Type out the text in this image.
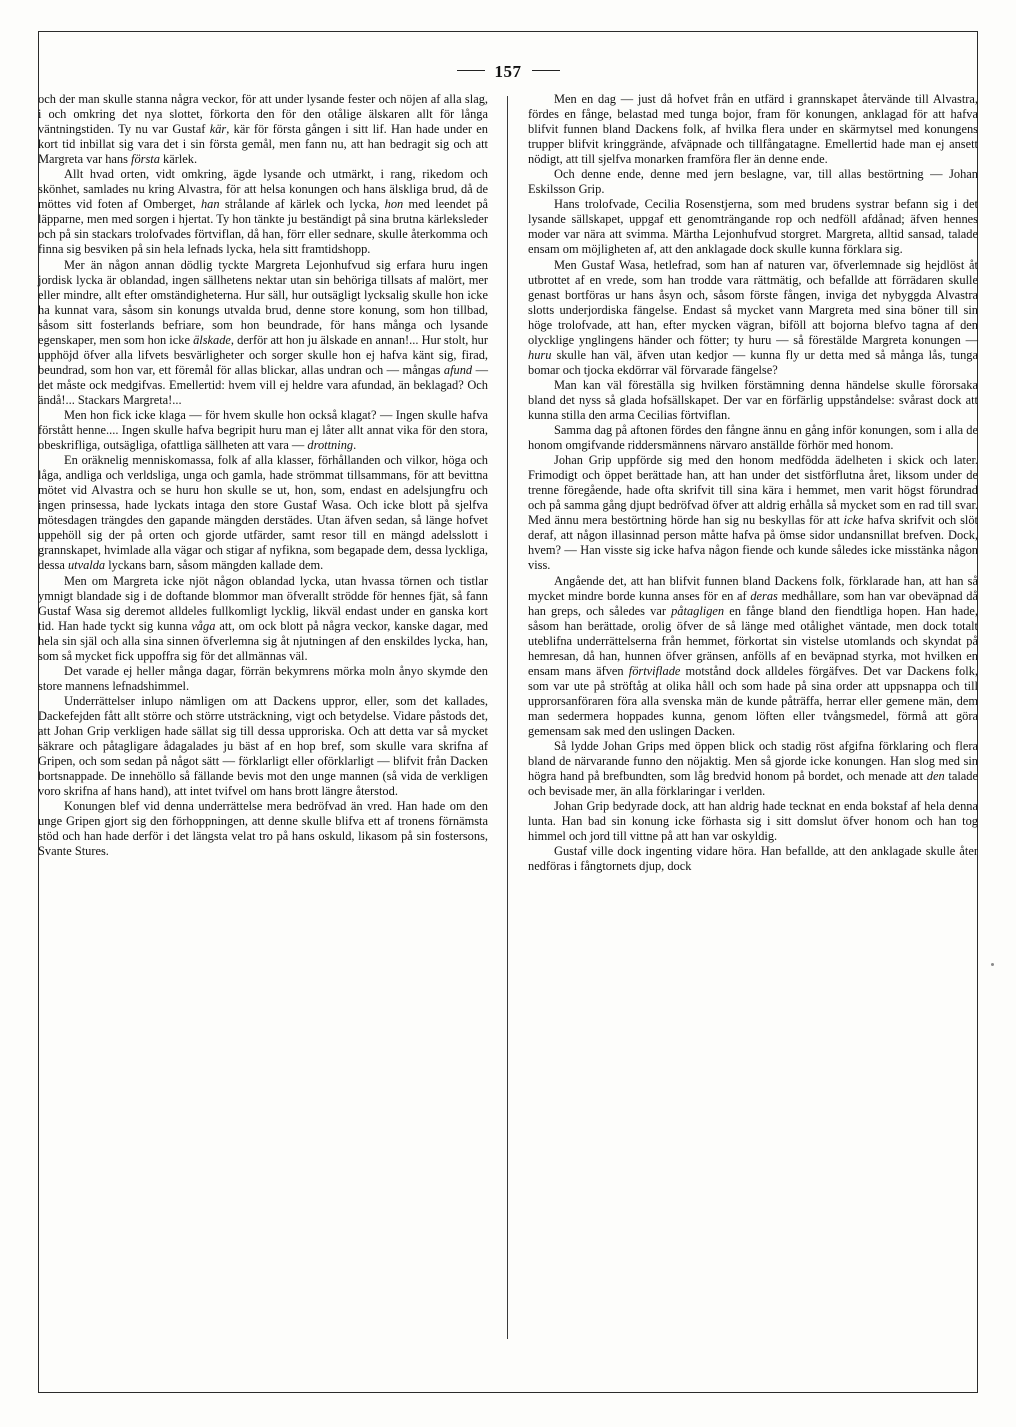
157

och der man skulle stanna några veckor, för att under lysande fester och nöjen af alla slag, i och omkring det nya slottet, förkorta den för den otålige älskaren allt för långa väntningstiden. Ty nu var Gustaf kär, kär för första gången i sitt lif. Han hade under en kort tid inbillat sig vara det i sin första gemål, men fann nu, att han bedragit sig och att Margreta var hans första kärlek.

Allt hvad orten, vidt omkring, ägde lysande och utmärkt, i rang, rikedom och skönhet, samlades nu kring Alvastra, för att helsa konungen och hans älskliga brud, då de möttes vid foten af Omberget, han strålande af kärlek och lycka, hon med leendet på läpparne, men med sorgen i hjertat. Ty hon tänkte ju beständigt på sina brutna kärleksleder och på sin stackars trolofvades förtviflan, då han, förr eller sednare, skulle återkomma och finna sig besviken på sin hela lefnads lycka, hela sitt framtidshopp.

Mer än någon annan dödlig tyckte Margreta Lejonhufvud sig erfara huru ingen jordisk lycka är oblandad, ingen sällhetens nektar utan sin behöriga tillsats af malört, mer eller mindre, allt efter omständigheterna. Hur säll, hur outsägligt lycksalig skulle hon icke ha kunnat vara, såsom sin konungs utvalda brud, denne store konung, som hon tillbad, såsom sitt fosterlands befriare, som hon beundrade, för hans många och lysande egenskaper, men som hon icke älskade, derför att hon ju älskade en annan!... Hur stolt, hur upphöjd öfver alla lifvets besvärligheter och sorger skulle hon ej hafva känt sig, firad, beundrad, som hon var, ett föremål för allas blickar, allas undran och — mångas afund — det måste ock medgifvas. Emellertid: hvem vill ej heldre vara afundad, än beklagad? Och ändå!... Stackars Margreta!...

Men hon fick icke klaga — för hvem skulle hon också klagat? — Ingen skulle hafva förstått henne.... Ingen skulle hafva begripit huru man ej låter allt annat vika för den stora, obeskrifliga, outsägliga, ofattliga sällheten att vara — drottning.

En oräknelig menniskomassa, folk af alla klasser, förhållanden och vilkor, höga och låga, andliga och verldsliga, unga och gamla, hade strömmat tillsammans, för att bevittna mötet vid Alvastra och se huru hon skulle se ut, hon, som, endast en adelsjungfru och ingen prinsessa, hade lyckats intaga den store Gustaf Wasa. Och icke blott på sjelfva mötesdagen trängdes den gapande mängden derstädes. Utan äfven sedan, så länge hofvet uppehöll sig der på orten och gjorde utfärder, samt resor till en mängd adelsslott i grannskapet, hvimlade alla vägar och stigar af nyfikna, som begapade dem, dessa lyckliga, dessa utvalda lyckans barn, såsom mängden kallade dem.

Men om Margreta icke njöt någon oblandad lycka, utan hvassa törnen och tistlar ymnigt blandade sig i de doftande blommor man öfverallt strödde för hennes fjät, så fann Gustaf Wasa sig deremot alldeles fullkomligt lycklig, likväl endast under en ganska kort tid. Han hade tyckt sig kunna våga att, om ock blott på några veckor, kanske dagar, med hela sin själ och alla sina sinnen öfverlemna sig åt njutningen af den enskildes lycka, han, som så mycket fick uppoffra sig för det allmännas väl.

Det varade ej heller många dagar, förrän bekymrens mörka moln ånyo skymde den store mannens lefnadshimmel.

Underrättelser inlupo nämligen om att Dackens uppror, eller, som det kallades, Dackefejden fått allt större och större utsträckning, vigt och betydelse. Vidare påstods det, att Johan Grip verkligen hade sällat sig till dessa upproriska. Och att detta var så mycket säkrare och påtagligare ådagalades ju bäst af en hop bref, som skulle vara skrifna af Gripen, och som sedan på något sätt — förklarligt eller oförklarligt — blifvit från Dacken bortsnappade. De innehöllo så fällande bevis mot den unge mannen (så vida de verkligen voro skrifna af hans hand), att intet tvifvel om hans brott längre återstod.

Konungen blef vid denna underrättelse mera bedröfvad än vred. Han hade om den unge Gripen gjort sig den förhoppningen, att denne skulle blifva ett af tronens förnämsta stöd och han hade derför i det längsta velat tro på hans oskuld, likasom på sin fostersons, Svante Stures.

Men en dag — just då hofvet från en utfärd i grannskapet återvände till Alvastra, fördes en fånge, belastad med tunga bojor, fram för konungen, anklagad för att hafva blifvit funnen bland Dackens folk, af hvilka flera under en skärmytsel med konungens trupper blifvit kringgrände, afväpnade och tillfångatagne. Emellertid hade man ej ansett nödigt, att till sjelfva monarken framföra fler än denne ende.

Och denne ende, denne med jern beslagne, var, till allas bestörtning — Johan Eskilsson Grip.

Hans trolofvade, Cecilia Rosenstjerna, som med brudens systrar befann sig i det lysande sällskapet, uppgaf ett genomträngande rop och nedföll afdånad; äfven hennes moder var nära att svimma. Märtha Lejonhufvud storgret. Margreta, alltid sansad, talade ensam om möjligheten af, att den anklagade dock skulle kunna förklara sig.

Men Gustaf Wasa, hetlefrad, som han af naturen var, öfverlemnade sig hejdlöst åt utbrottet af en vrede, som han trodde vara rättmätig, och befallde att förrädaren skulle genast bortföras ur hans åsyn och, såsom förste fången, inviga det nybyggda Alvastra slotts underjordiska fängelse. Endast så mycket vann Margreta med sina böner till sin höge trolofvade, att han, efter mycken vägran, biföll att bojorna blefvo tagna af den olycklige ynglingens händer och fötter; ty huru — så förestälde Margreta konungen — huru skulle han väl, äfven utan kedjor — kunna fly ur detta med så många lås, tunga bomar och tjocka ekdörrar väl förvarade fängelse?

Man kan väl föreställa sig hvilken förstämning denna händelse skulle förorsaka bland det nyss så glada hofsällskapet. Der var en förfärlig uppståndelse: svårast dock att kunna stilla den arma Cecilias förtviflan.

Samma dag på aftonen fördes den fångne ännu en gång inför konungen, som i alla de honom omgifvande riddersmännens närvaro anställde förhör med honom.

Johan Grip uppförde sig med den honom medfödda ädelheten i skick och later. Frimodigt och öppet berättade han, att han under det sistförflutna året, liksom under de trenne föregående, hade ofta skrifvit till sina kära i hemmet, men varit högst förundrad och på samma gång djupt bedröfvad öfver att aldrig erhålla så mycket som en rad till svar. Med ännu mera bestörtning hörde han sig nu beskyllas för att icke hafva skrifvit och slöt deraf, att någon illasinnad person måtte hafva på ömse sidor undansnillat brefven. Dock, hvem? — Han visste sig icke hafva någon fiende och kunde således icke misstänka någon viss.

Angående det, att han blifvit funnen bland Dackens folk, förklarade han, att han så mycket mindre borde kunna anses för en af deras medhållare, som han var obeväpnad då han greps, och således var påtagligen en fånge bland den fiendtliga hopen. Han hade, såsom han berättade, orolig öfver de så länge med otålighet väntade, men dock totalt uteblifna underrättelserna från hemmet, förkortat sin vistelse utomlands och skyndat på hemresan, då han, hunnen öfver gränsen, anfölls af en beväpnad styrka, mot hvilken en ensam mans äfven förtviflade motstånd dock alldeles förgäfves. Det var Dackens folk, som var ute på ströftåg at olika håll och som hade på sina order att uppsnappa och till upprorsanföraren föra alla svenska män de kunde påträffa, herrar eller gemene män, dem man sedermera hoppades kunna, genom löften eller tvångsmedel, förmå att göra gemensam sak med den uslingen Dacken.

Så lydde Johan Grips med öppen blick och stadig röst afgifna förklaring och flera bland de närvarande funno den nöjaktig. Men så gjorde icke konungen. Han slog med sin högra hand på brefbundten, som låg bredvid honom på bordet, och menade att den talade och bevisade mer, än alla förklaringar i verlden.

Johan Grip bedyrade dock, att han aldrig hade tecknat en enda bokstaf af hela denna lunta. Han bad sin konung icke förhasta sig i sitt domslut öfver honom och han tog himmel och jord till vittne på att han var oskyldig.

Gustaf ville dock ingenting vidare höra. Han befallde, att den anklagade skulle åter nedföras i fångtornets djup, dock
